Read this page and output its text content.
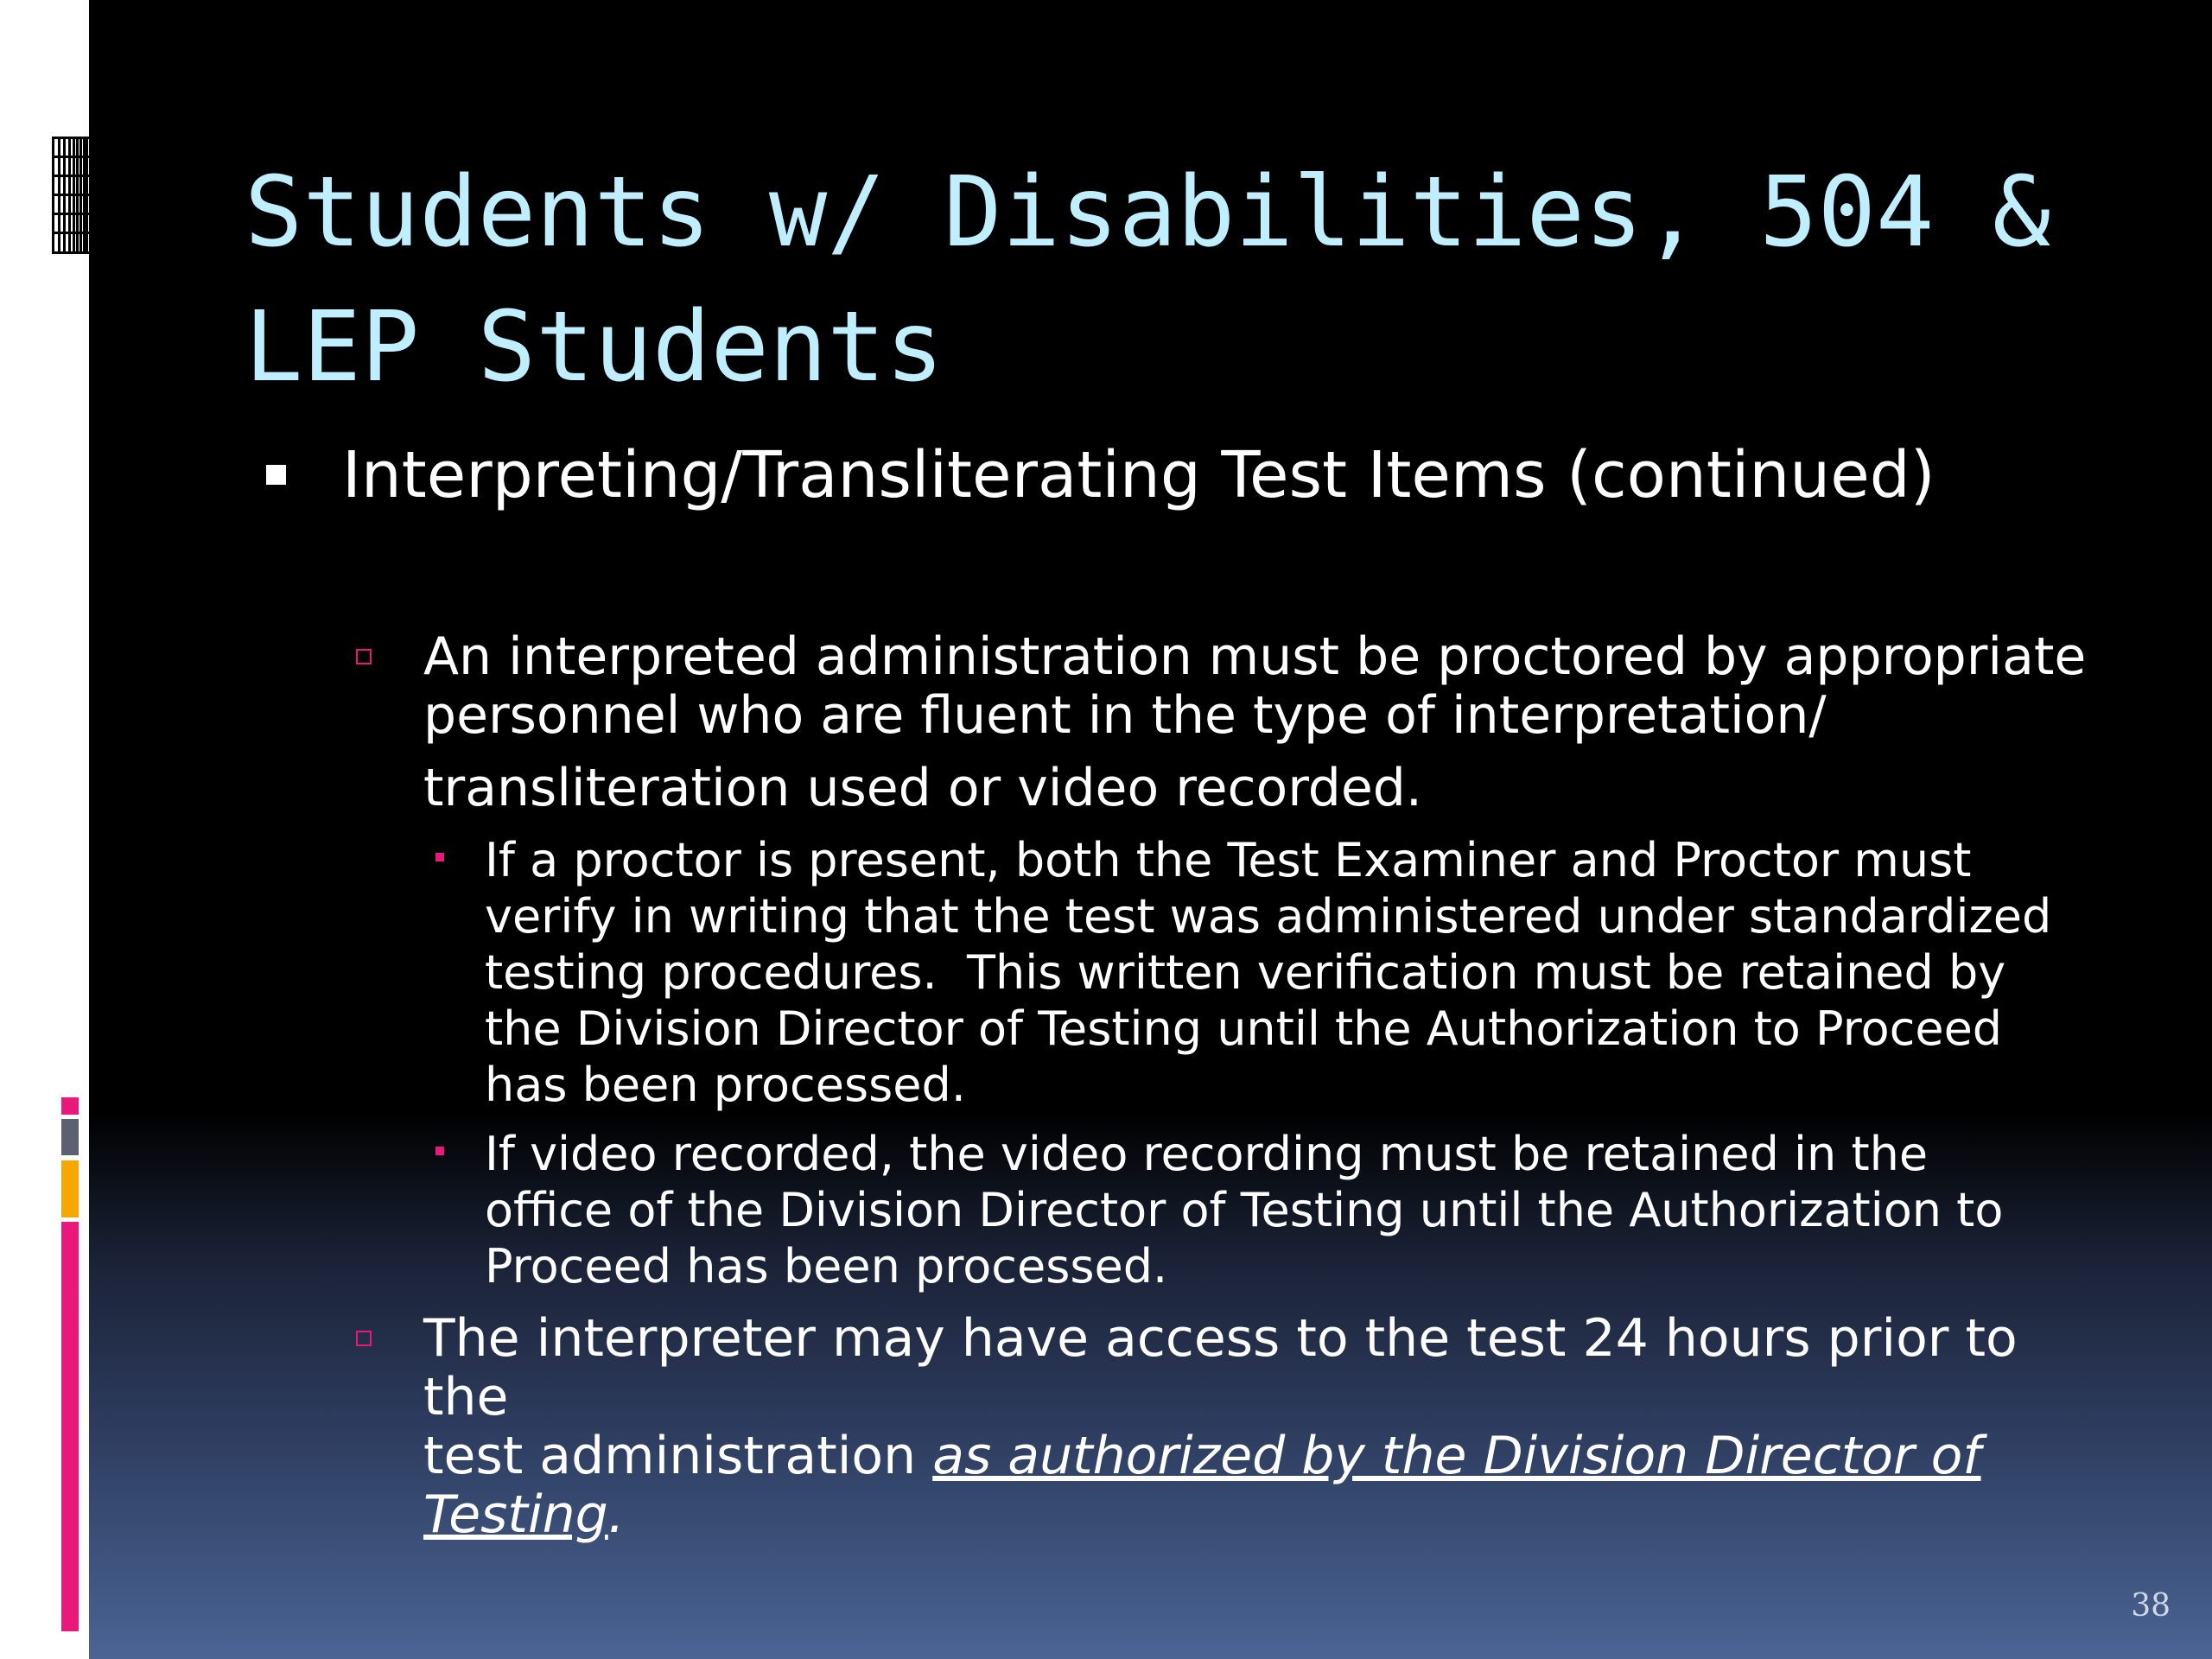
Students w/ Disabilities, 504 &
LEP Students
Interpreting/Transliterating Test Items (continued)
An interpreted administration must be proctored by appropriate
personnel who are fluent in the type of interpretation/
transliteration used or video recorded.
If a proctor is present, both the Test Examiner and Proctor must
verify in writing that the test was administered under standardized
testing procedures.  This written verification must be retained by
the Division Director of Testing until the Authorization to Proceed
has been processed.
If video recorded, the video recording must be retained in the
office of the Division Director of Testing until the Authorization to
Proceed has been processed.
The interpreter may have access to the test 24 hours prior to the
test administration as authorized by the Division Director of
Testing.
38
